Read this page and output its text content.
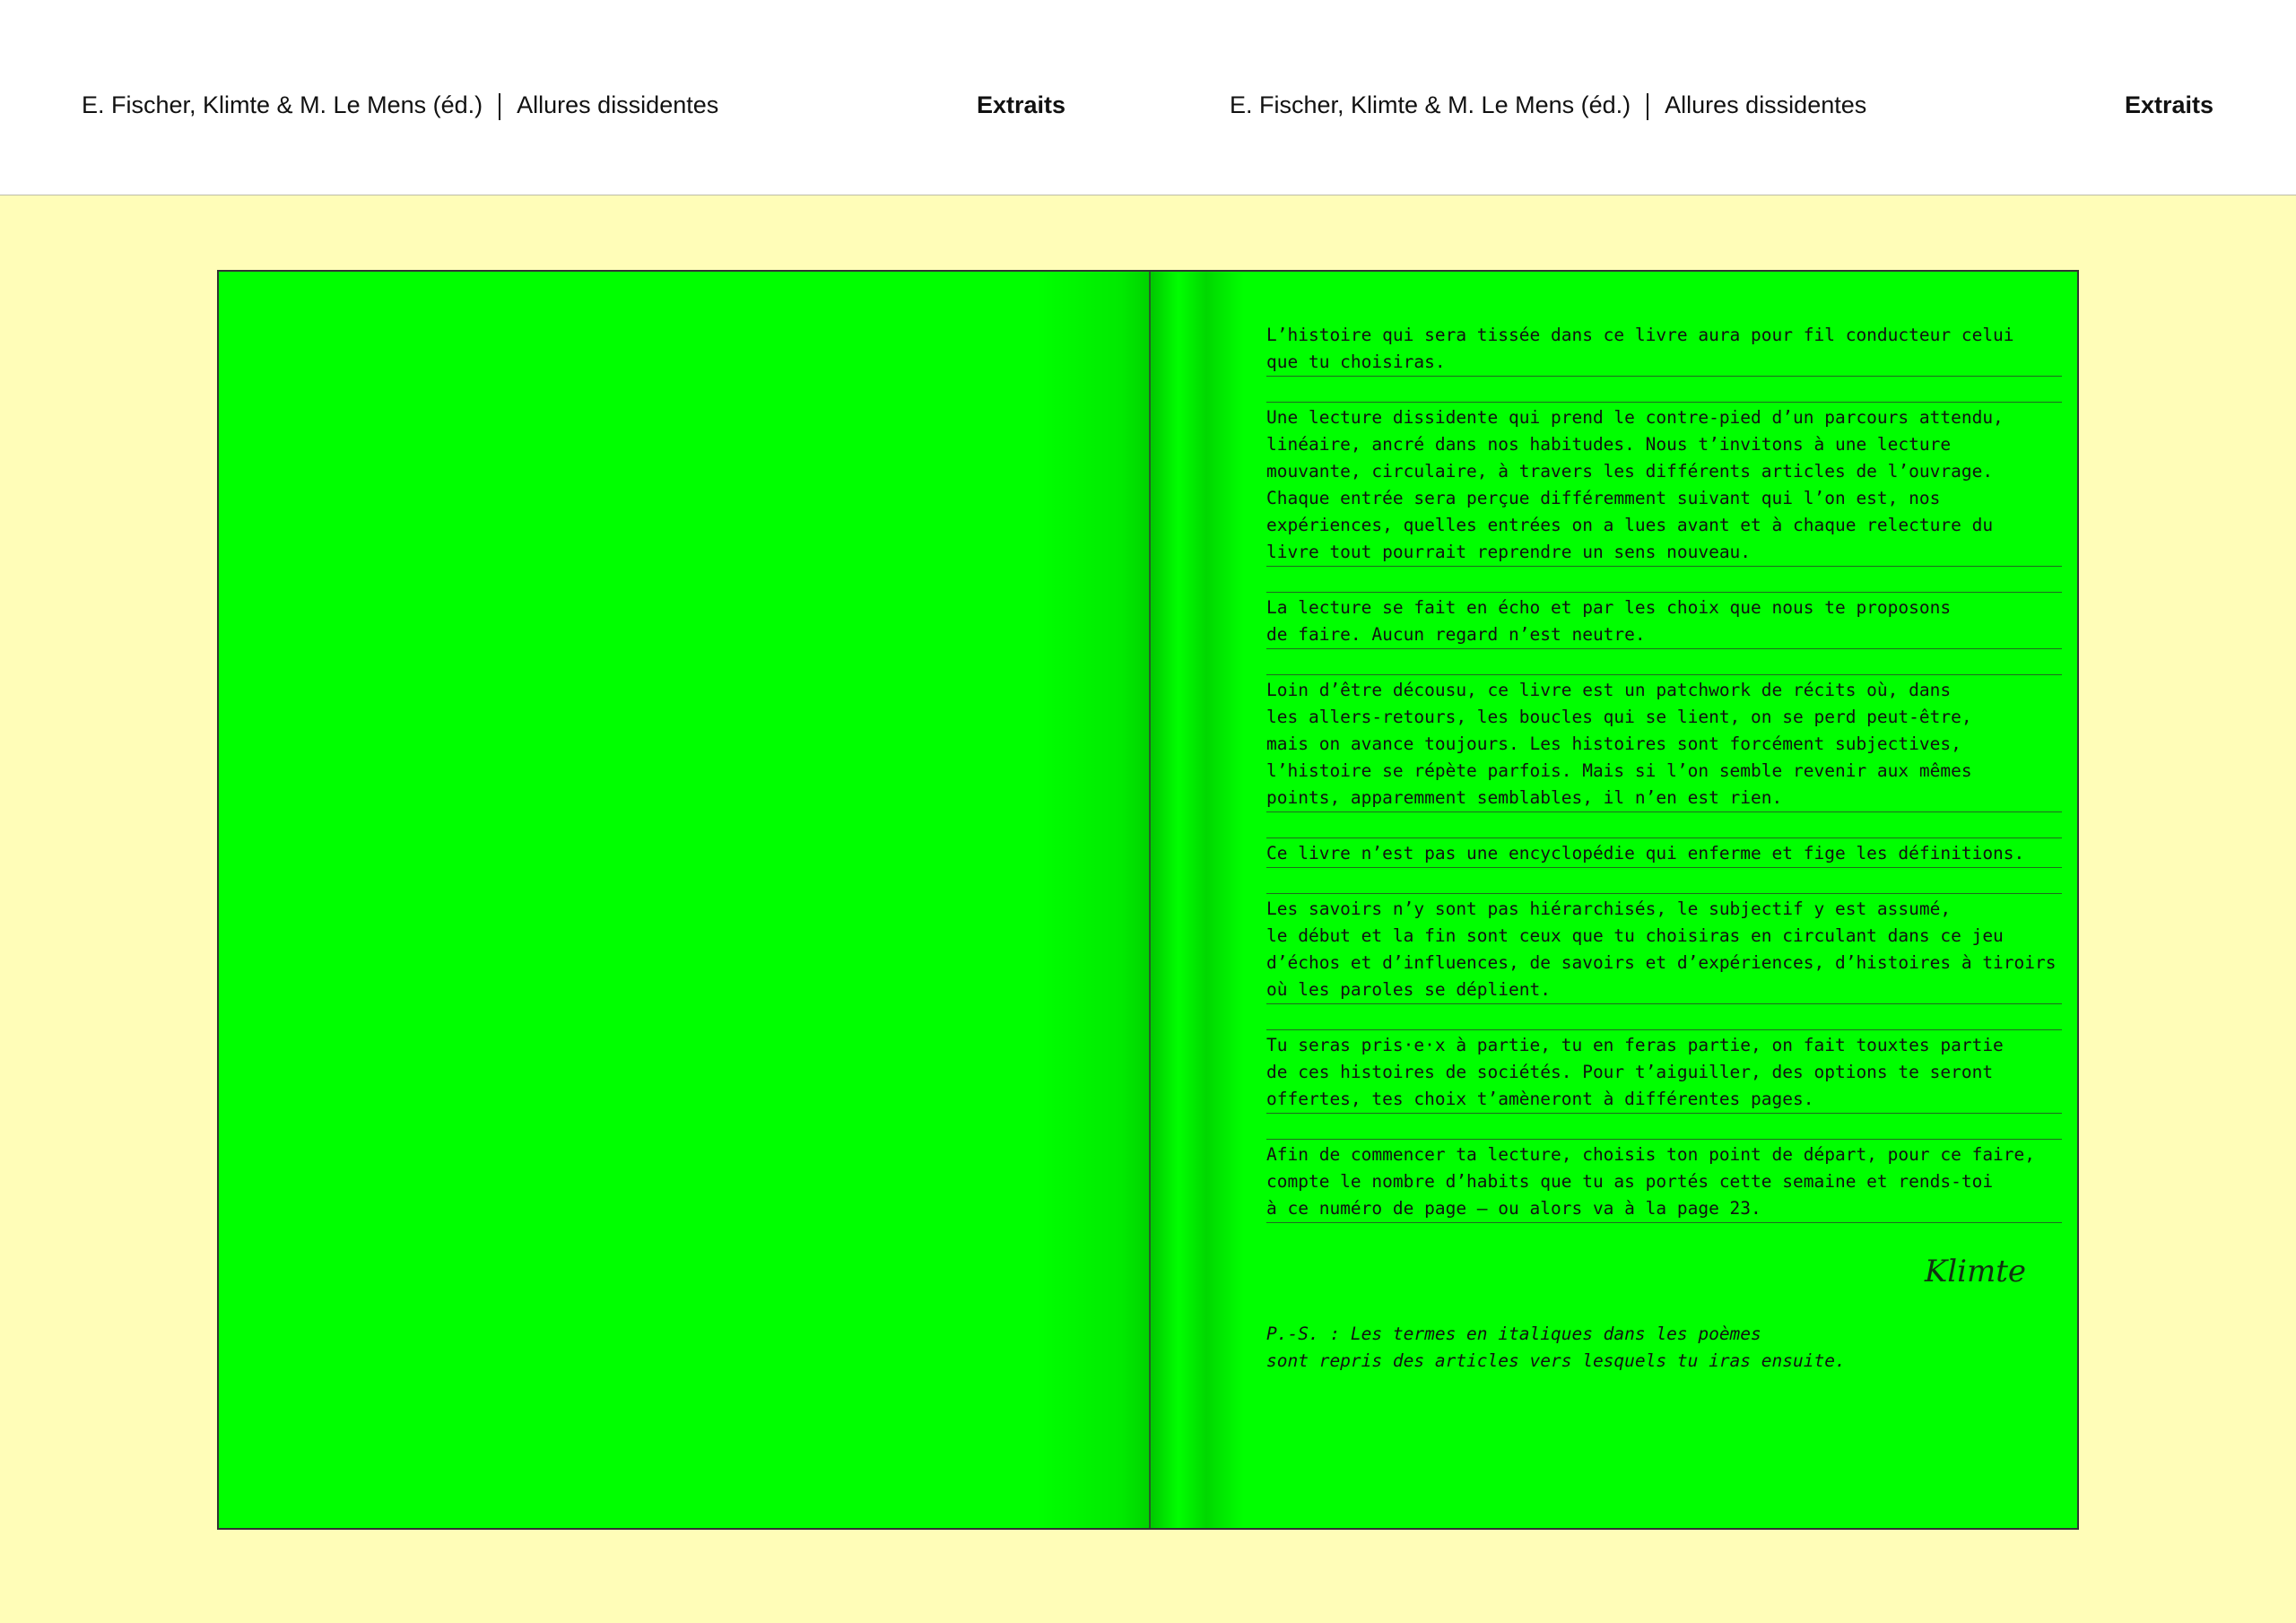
E. Fischer, Klimte & M. Le Mens (éd.) Allures dissidentes	Extraits	E. Fischer, Klimte & M. Le Mens (éd.) Allures dissidentes	Extraits
L’histoire qui sera tissée dans ce livre aura pour fil conducteur celui
que tu choisiras.
Une lecture dissidente qui prend le contre-pied d’un parcours attendu,
linéaire, ancré dans nos habitudes. Nous t’invitons à une lecture
mouvante, circulaire, à travers les différents articles de l’ouvrage.
Chaque entrée sera perçue différemment suivant qui l’on est, nos
expériences, quelles entrées on a lues avant et à chaque relecture du
livre tout pourrait reprendre un sens nouveau.
La lecture se fait en écho et par les choix que nous te proposons
de faire. Aucun regard n’est neutre.
Loin d’être décousu, ce livre est un patchwork de récits où, dans
les allers-retours, les boucles qui se lient, on se perd peut-être,
mais on avance toujours. Les histoires sont forcément subjectives,
l’histoire se répète parfois. Mais si l’on semble revenir aux mêmes
points, apparemment semblables, il n’en est rien.
Ce livre n’est pas une encyclopédie qui enferme et fige les définitions.
Les savoirs n’y sont pas hiérarchisés, le subjectif y est assumé,
le début et la fin sont ceux que tu choisiras en circulant dans ce jeu
d’échos et d’influences, de savoirs et d’expériences, d’histoires à tiroirs
où les paroles se déplient.
Tu seras pris·e·x à partie, tu en feras partie, on fait touxtes partie
de ces histoires de sociétés. Pour t’aiguiller, des options te seront
offertes, tes choix t’amèneront à différentes pages.
Afin de commencer ta lecture, choisis ton point de départ, pour ce faire,
compte le nombre d’habits que tu as portés cette semaine et rends-toi
à ce numéro de page — ou alors va à la page 23.
Klimte
P.-S. : Les termes en italiques dans les poèmes
sont repris des articles vers lesquels tu iras ensuite.
